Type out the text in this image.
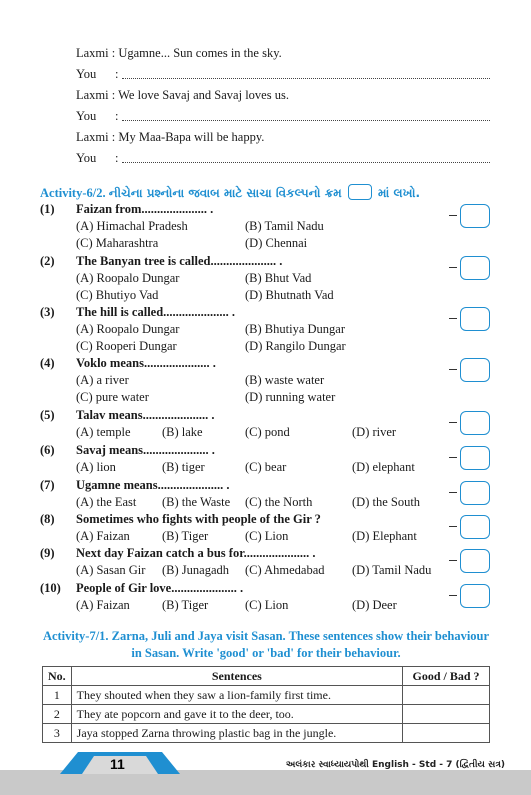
Laxmi : Ugamne... Sun comes in the sky.
You :
Laxmi : We love Savaj and Savaj loves us.
You :
Laxmi : My Maa-Bapa will be happy.
You :
Activity-6/2. નીચેના પ્રશ્નોના જવાબ માટે સાચા વિકલ્પનો ક્રમ	માં લખો.
(1) Faizan from..................... .
(A) Himachal Pradesh	(B) Tamil Nadu
(C) Maharashtra	(D) Chennai
(2) The Banyan tree is called..................... .
(A) Roopalo Dungar	(B) Bhut Vad
(C) Bhutiyo Vad	(D) Bhutnath Vad
(3) The hill is called..................... .
(A) Roopalo Dungar	(B) Bhutiya Dungar
(C) Rooperi Dungar	(D) Rangilo Dungar
(4) Voklo means..................... .
(A) a river	(B) waste water
(C) pure water	(D) running water
(5) Talav means..................... .
(A) temple	(B) lake	(C) pond	(D) river
(6) Savaj means..................... .
(A) lion	(B) tiger	(C) bear	(D) elephant
(7) Ugamne means..................... .
(A) the East (B) the Waste (C) the North	(D) the South
(8) Sometimes who fights with people of the Gir ?
(A) Faizan	(B) Tiger	(C) Lion	(D) Elephant
(9) Next day Faizan catch a bus for..................... .
(A) Sasan Gir (B) Junagadh (C) Ahmedabad (D) Tamil Nadu
(10) People of Gir love..................... .
(A) Faizan	(B) Tiger	(C) Lion	(D) Deer
Activity-7/1. Zarna, Juli and Jaya visit Sasan. These sentences show their behaviour in Sasan. Write 'good' or 'bad' for their behaviour.
No.	Sentences	Good / Bad ?
1	They shouted when they saw a lion-family first time.	
2	They ate popcorn and gave it to the deer, too.	
3	Jaya stopped Zarna throwing plastic bag in the jungle.	
11	અલંકાર સ્વાધ્યાયપોથી English - Std - 7 (દ્વિતીય સત્ર)
